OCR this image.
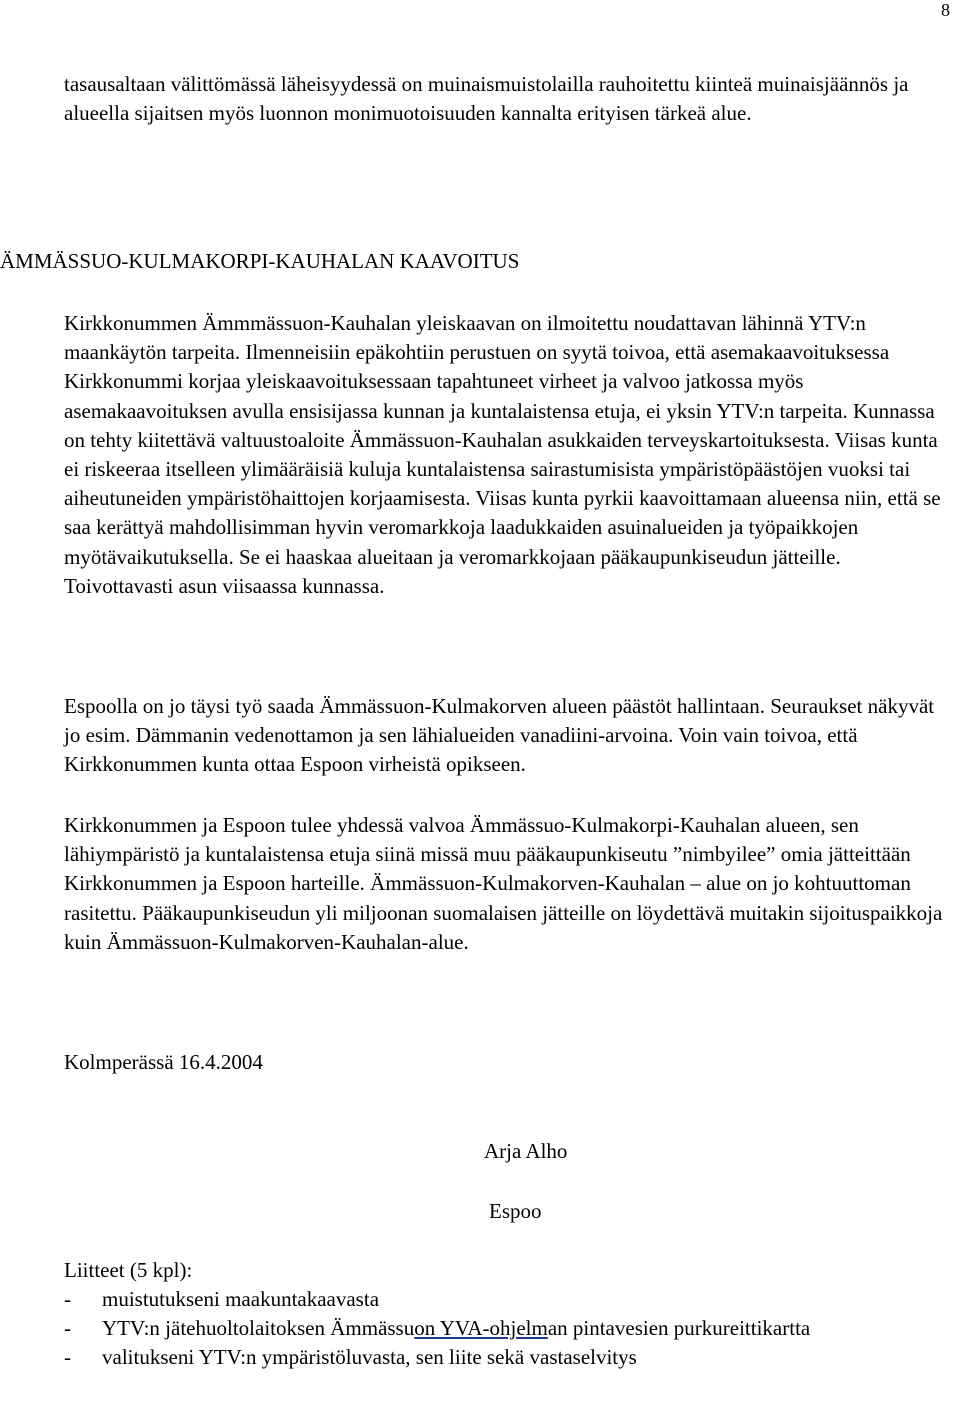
8

tasausaltaan välittömässä läheisyydessä on muinaismuistolailla rauhoitettu kiinteä muinaisjäännös ja alueella sijaitsen myös luonnon monimuotoisuuden kannalta erityisen tärkeä alue.

ÄMMÄSSUO-KULMAKORPI-KAUHALAN KAAVOITUS

Kirkkonummen Ämmmässuon-Kauhalan yleiskaavan on ilmoitettu noudattavan lähinnä YTV:n maankäytön tarpeita. Ilmenneisiin epäkohtiin perustuen on syytä toivoa, että asemakaavoituksessa Kirkkonummi korjaa yleiskaavoituksessaan tapahtuneet virheet ja valvoo jatkossa myös asemakaavoituksen avulla ensisijassa kunnan ja kuntalaistensa etuja, ei yksin YTV:n tarpeita. Kunnassa on tehty kiitettävä valtuustoaloite Ämmässuon-Kauhalan asukkaiden terveyskartoituksesta. Viisas kunta ei riskeeraa itselleen ylimääräisiä kuluja kuntalaistensa sairastumisista ympäristöpäästöjen vuoksi tai aiheutuneiden ympäristöhaittojen korjaamisesta. Viisas kunta pyrkii kaavoittamaan alueensa niin, että se saa kerättyä mahdollisimman hyvin veromarkkoja laadukkaiden asuinalueiden ja työpaikkojen myötävaikutuksella. Se ei haaskaa alueitaan ja veromarkkojaan pääkaupunkiseudun jätteille. Toivottavasti asun viisaassa kunnassa.

Espoolla on jo täysi työ saada Ämmässuon-Kulmakorven alueen päästöt hallintaan. Seuraukset näkyvät jo esim. Dämmanin vedenottamon ja sen lähialueiden vanadiini-arvoina. Voin vain toivoa, että Kirkkonummen kunta ottaa Espoon virheistä opikseen.

Kirkkonummen ja Espoon tulee yhdessä valvoa Ämmässuo-Kulmakorpi-Kauhalan alueen, sen lähiympäristö ja kuntalaistensa etuja siinä missä muu pääkaupunkiseutu ”nimbyilee” omia jätteittään Kirkkonummen ja Espoon harteille. Ämmässuon-Kulmakorven-Kauhalan – alue on jo kohtuuttoman rasitettu. Pääkaupunkiseudun yli miljoonan suomalaisen jätteille on löydettävä muitakin sijoituspaikkoja kuin Ämmässuon-Kulmakorven-Kauhalan-alue.

Kolmperässä 16.4.2004
Arja Alho
Espoo
Liitteet (5 kpl):
-	muistutukseni maakuntakaavasta
-	YTV:n jätehuoltolaitoksen Ämmässuon YVA-ohjelman pintavesien purkureittikartta
-	valitukseni YTV:n ympäristöluvasta, sen liite sekä vastaselvitys
